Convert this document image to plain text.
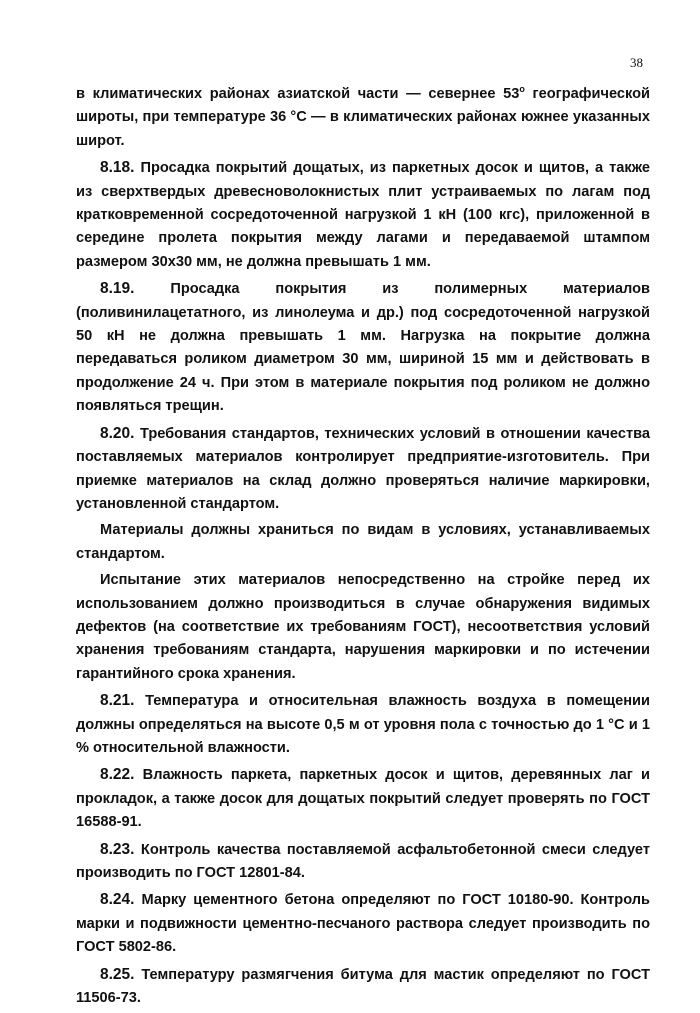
38

в климатических районах азиатской части — севернее $53^о$ географической широты, при температуре 36 °С — в климатических районах южнее указанных широт.

8.18. Просадка покрытий дощатых, из паркетных досок и щитов, а также из сверхтвердых древесноволокнистых плит устраиваемых по лагам под кратковременной сосредоточенной нагрузкой 1 кН (100 кгс), приложенной в середине пролета покрытия между лагами и передаваемой штампом размером 30х30 мм, не должна превышать 1 мм.

8.19. Просадка покрытия из полимерных материалов (поливинилацетатного, из линолеума и др.) под сосредоточенной нагрузкой 50 кН не должна превышать 1 мм. Нагрузка на покрытие должна передаваться роликом диаметром 30 мм, шириной 15 мм и действовать в продолжение 24 ч. При этом в материале покрытия под роликом не должно появляться трещин.

8.20. Требования стандартов, технических условий в отношении качества поставляемых материалов контролирует предприятие-изготовитель. При приемке материалов на склад должно проверяться наличие маркировки, установленной стандартом.

Материалы должны храниться по видам в условиях, устанавливаемых стандартом.

Испытание этих материалов непосредственно на стройке перед их использованием должно производиться в случае обнаружения видимых дефектов (на соответствие их требованиям ГОСТ), несоответствия условий хранения требованиям стандарта, нарушения маркировки и по истечении гарантийного срока хранения.

8.21. Температура и относительная влажность воздуха в помещении должны определяться на высоте 0,5 м от уровня пола с точностью до 1 °С и 1 % относительной влажности.

8.22. Влажность паркета, паркетных досок и щитов, деревянных лаг и прокладок, а также досок для дощатых покрытий следует проверять по ГОСТ 16588-91.

8.23. Контроль качества поставляемой асфальтобетонной смеси следует производить по ГОСТ 12801-84.

8.24. Марку цементного бетона определяют по ГОСТ 10180-90. Контроль марки и подвижности цементно-песчаного раствора следует производить по ГОСТ 5802-86.

8.25. Температуру размягчения битума для мастик определяют по ГОСТ 11506-73.
